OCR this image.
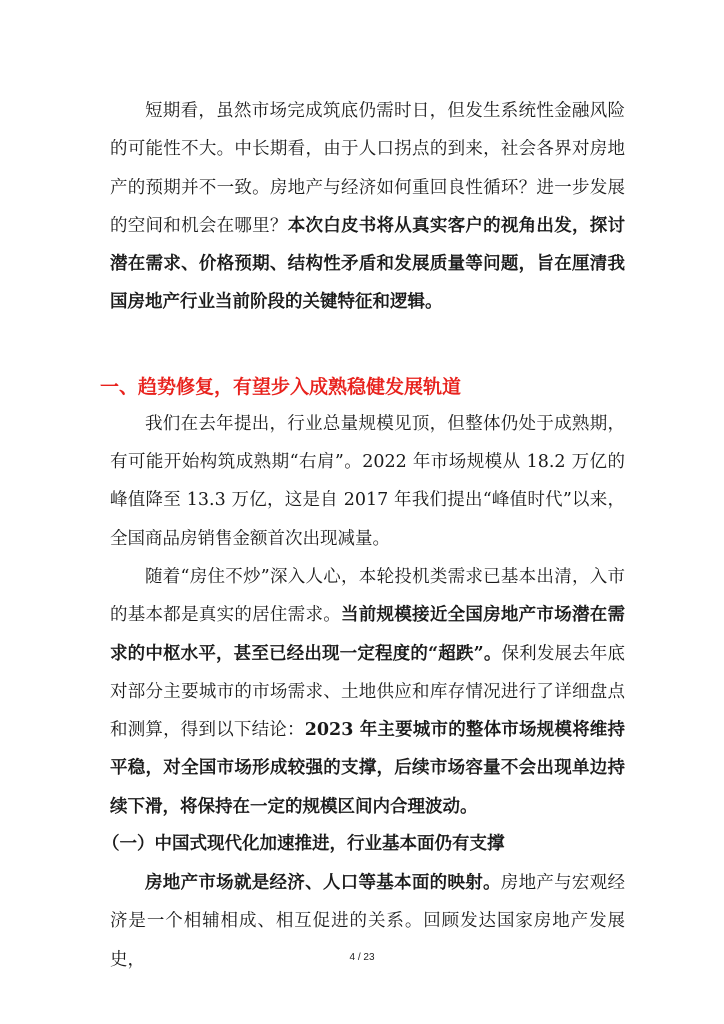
短期看，虽然市场完成筑底仍需时日，但发生系统性金融风险的可能性不大。中长期看，由于人口拐点的到来，社会各界对房地产的预期并不一致。房地产与经济如何重回良性循环？进一步发展的空间和机会在哪里？本次白皮书将从真实客户的视角出发，探讨潜在需求、价格预期、结构性矛盾和发展质量等问题，旨在厘清我国房地产行业当前阶段的关键特征和逻辑。

一、趋势修复，有望步入成熟稳健发展轨道

我们在去年提出，行业总量规模见顶，但整体仍处于成熟期，有可能开始构筑成熟期“右肩”。2022 年市场规模从 18.2 万亿的峰值降至 13.3 万亿，这是自 2017 年我们提出“峰值时代”以来，全国商品房销售金额首次出现减量。

随着“房住不炒”深入人心，本轮投机类需求已基本出清，入市的基本都是真实的居住需求。当前规模接近全国房地产市场潜在需求的中枢水平，甚至已经出现一定程度的“超跌”。保利发展去年底对部分主要城市的市场需求、土地供应和库存情况进行了详细盘点和测算，得到以下结论：2023 年主要城市的整体市场规模将维持平稳，对全国市场形成较强的支撑，后续市场容量不会出现单边持续下滑，将保持在一定的规模区间内合理波动。

（一）中国式现代化加速推进，行业基本面仍有支撑

房地产市场就是经济、人口等基本面的映射。房地产与宏观经济是一个相辅相成、相互促进的关系。回顾发达国家房地产发展史，	4 / 23
